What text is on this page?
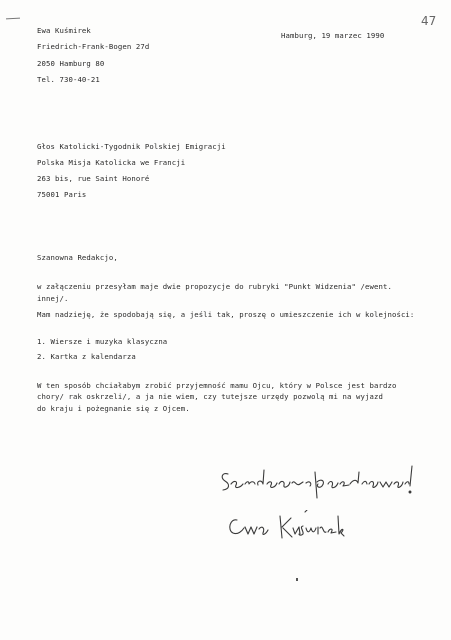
47
Ewa Kuśmirek
Friedrich-Frank-Bogen 27d
2050 Hamburg 80
Tel. 730-40-21
Hamburg, 19 marzec 1990
Głos Katolicki-Tygodnik Polskiej Emigracji
Polska Misja Katolicka we Francji
263 bis, rue Saint Honoré
75001 Paris
Szanowna Redakcjo,
w załączeniu przesyłam maje dwie propozycje do rubryki "Punkt Widzenia" /ewent.
innej/.
Mam nadzieję, że spodobają się, a jeśli tak, proszę o umieszczenie ich w kolejności:
1. Wiersze i muzyka klasyczna
2. Kartka z kalendarza
W ten sposób chciałabym zrobić przyjemność mamu Ojcu, który w Polsce jest bardzo
chory/ rak oskrzeli/, a ja nie wiem, czy tutejsze urzędy pozwolą mi na wyjazd
do kraju i pożegnanie się z Ojcem.
